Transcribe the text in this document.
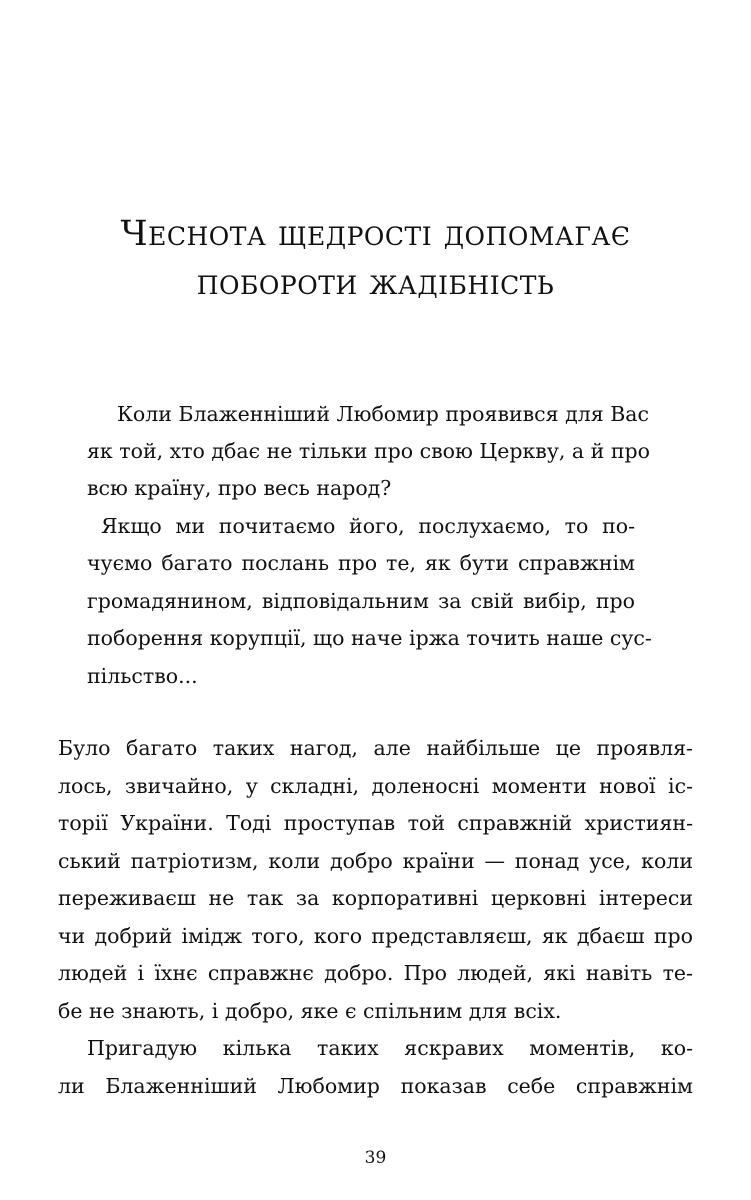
Чеснота щедрості допомагає
побороти жадібність
Коли Блаженніший Любомир проявився для Вас
як той, хто дбає не тільки про свою Церкву, а й про
всю країну, про весь народ?
Якщо ми почитаємо його, послухаємо, то по-
чуємо багато послань про те, як бути справжнім
громадянином, відповідальним за свій вибір, про
поборення корупції, що наче іржа точить наше сус-
пільство...
Було багато таких нагод, але найбільше це проявля-
лось, звичайно, у складні, доленосні моменти нової іс-
торії України. Тоді проступав той справжній християн-
ський патріотизм, коли добро країни — понад усе, коли
переживаєш не так за корпоративні церковні інтереси
чи добрий імідж того, кого представляєш, як дбаєш про
людей і їхнє справжнє добро. Про людей, які навіть те-
бе не знають, і добро, яке є спільним для всіх.
Пригадую кілька таких яскравих моментів, ко-
ли Блаженніший Любомир показав себе справжнім
39
